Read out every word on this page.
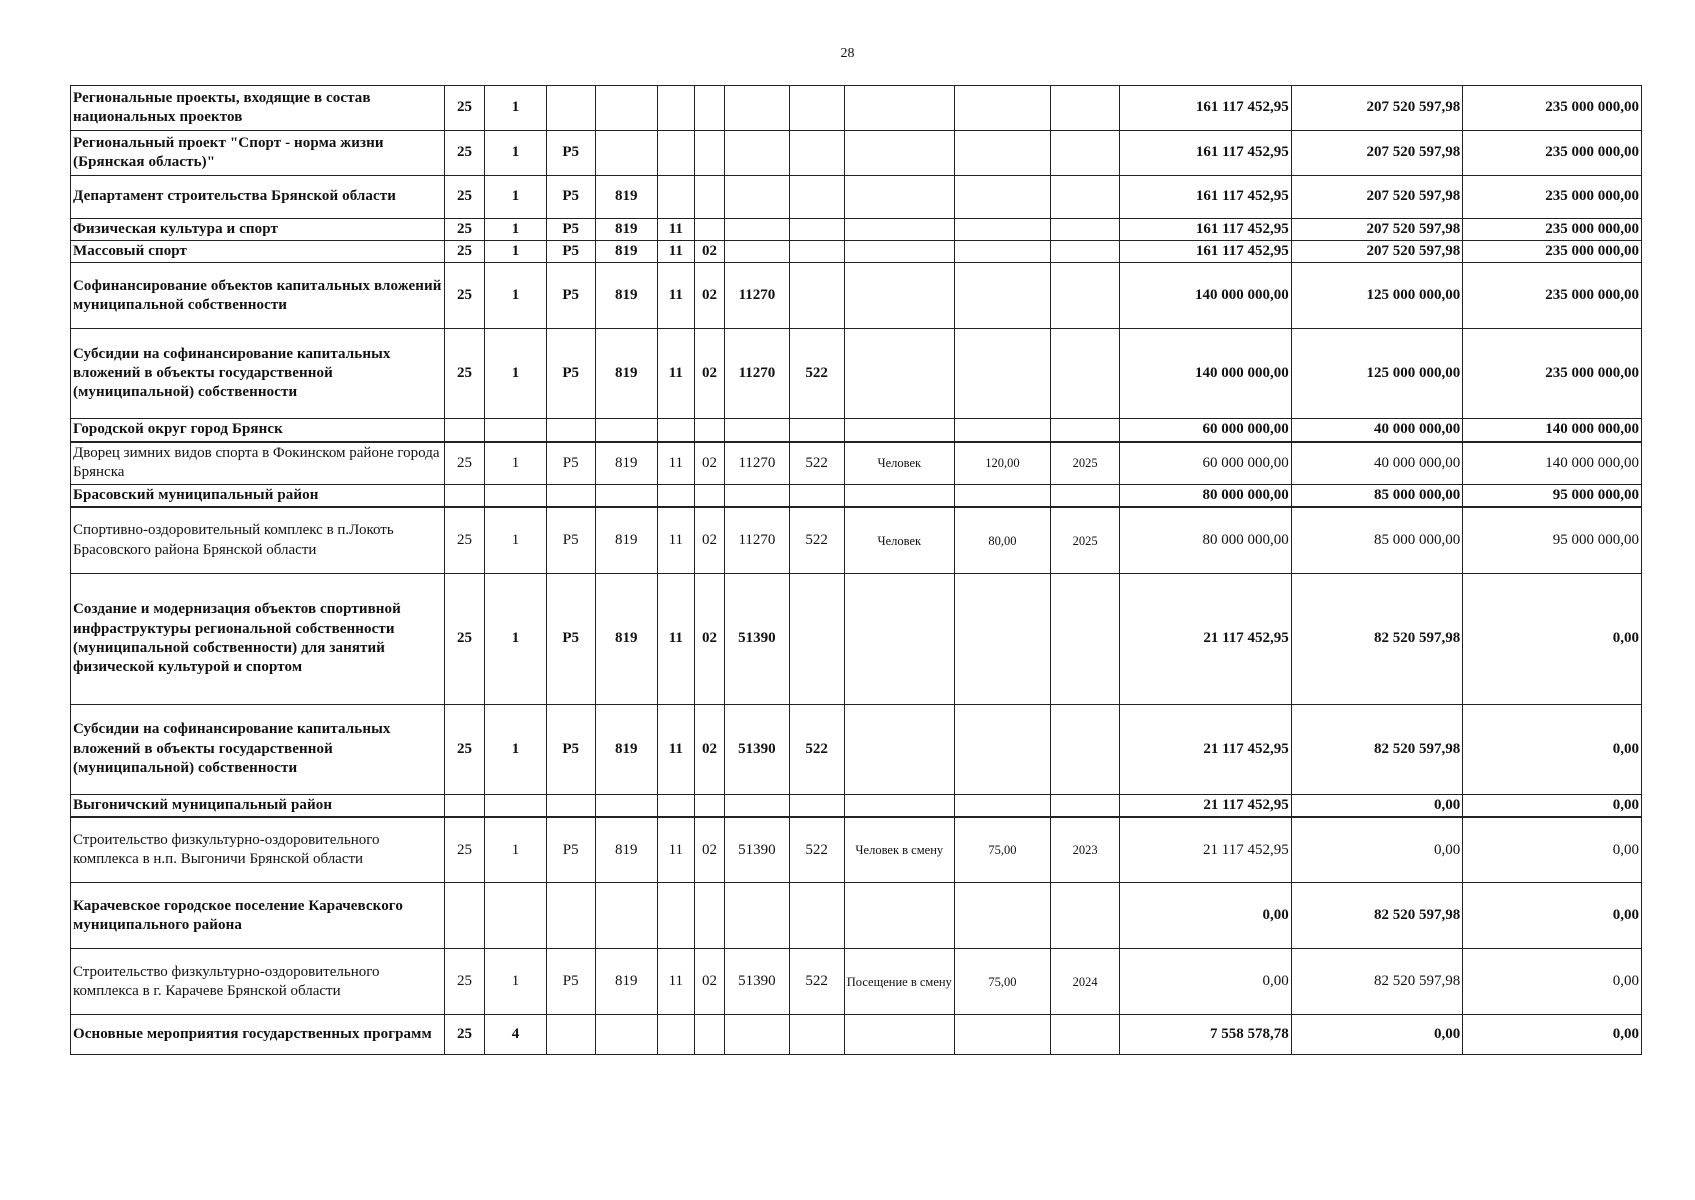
28
Региональные проекты, входящие в состав национальных проектов	25	1										161 117 452,95	207 520 597,98	235 000 000,00
Региональный проект "Спорт - норма жизни (Брянская область)"	25	1	P5									161 117 452,95	207 520 597,98	235 000 000,00
Департамент строительства Брянской области	25	1	P5	819								161 117 452,95	207 520 597,98	235 000 000,00
Физическая культура и спорт	25	1	P5	819	11							161 117 452,95	207 520 597,98	235 000 000,00
Массовый спорт	25	1	P5	819	11	02						161 117 452,95	207 520 597,98	235 000 000,00
Софинансирование объектов капитальных вложений муниципальной собственности	25	1	P5	819	11	02	11270					140 000 000,00	125 000 000,00	235 000 000,00
Субсидии на софинансирование капитальных вложений в объекты государственной (муниципальной) собственности	25	1	P5	819	11	02	11270	522				140 000 000,00	125 000 000,00	235 000 000,00
Городской округ город Брянск												60 000 000,00	40 000 000,00	140 000 000,00
Дворец зимних видов спорта в Фокинском районе города Брянска	25	1	P5	819	11	02	11270	522	Человек	120,00	2025	60 000 000,00	40 000 000,00	140 000 000,00
Брасовский муниципальный район												80 000 000,00	85 000 000,00	95 000 000,00
Спортивно-оздоровительный комплекс в п.Локоть Брасовского района Брянской области	25	1	P5	819	11	02	11270	522	Человек	80,00	2025	80 000 000,00	85 000 000,00	95 000 000,00
Создание и модернизация объектов спортивной инфраструктуры региональной собственности (муниципальной собственности) для занятий физической культурой и спортом	25	1	P5	819	11	02	51390					21 117 452,95	82 520 597,98	0,00
Субсидии на софинансирование капитальных вложений в объекты государственной (муниципальной) собственности	25	1	P5	819	11	02	51390	522				21 117 452,95	82 520 597,98	0,00
Выгоничский муниципальный район												21 117 452,95	0,00	0,00
Строительство физкультурно-оздоровительного комплекса в н.п. Выгоничи Брянской области	25	1	P5	819	11	02	51390	522	Человек в смену	75,00	2023	21 117 452,95	0,00	0,00
Карачевское городское поселение Карачевского муниципального района												0,00	82 520 597,98	0,00
Строительство физкультурно-оздоровительного комплекса в г. Карачеве Брянской области	25	1	P5	819	11	02	51390	522	Посещение в смену	75,00	2024	0,00	82 520 597,98	0,00
Основные мероприятия государственных программ	25	4										7 558 578,78	0,00	0,00
